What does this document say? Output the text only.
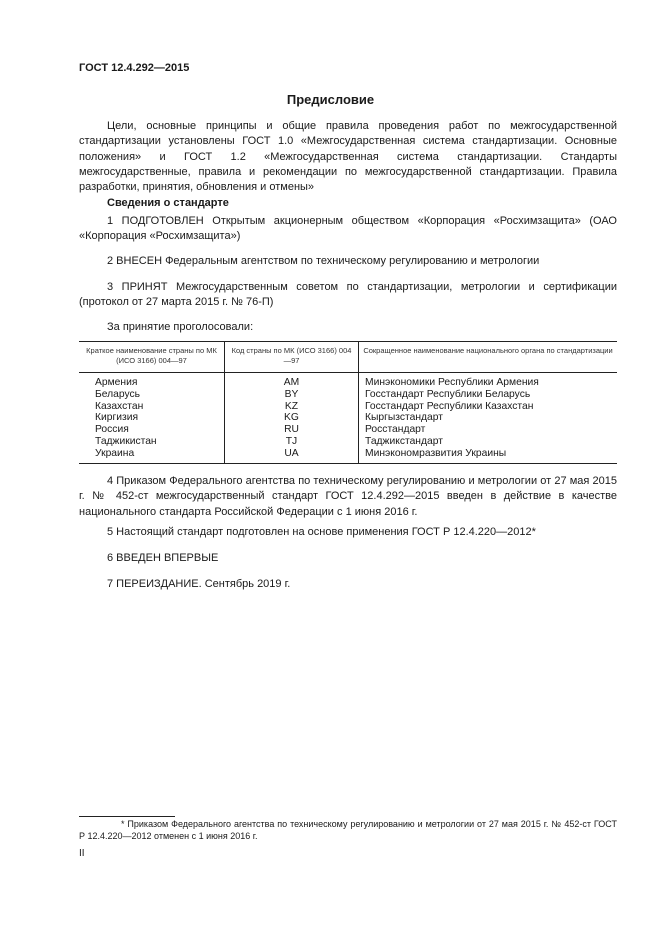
ГОСТ 12.4.292—2015
Предисловие

Цели, основные принципы и общие правила проведения работ по межгосударственной стандартизации установлены ГОСТ 1.0 «Межгосударственная система стандартизации. Основные положения» и ГОСТ 1.2 «Межгосударственная система стандартизации. Стандарты межгосударственные, правила и рекомендации по межгосударственной стандартизации. Правила разработки, принятия, обновления и отмены»

Сведения о стандарте

1 ПОДГОТОВЛЕН Открытым акционерным обществом «Корпорация «Росхимзащита» (ОАО «Корпорация «Росхимзащита»)

2 ВНЕСЕН Федеральным агентством по техническому регулированию и метрологии

3 ПРИНЯТ Межгосударственным советом по стандартизации, метрологии и сертификации (протокол от 27 марта 2015 г. № 76-П)

За принятие проголосовали:

Краткое наименование страны по МК (ИСО 3166) 004—97	Код страны по МК (ИСО 3166) 004—97	Сокращенное наименование национального органа по стандартизации
Армения	AM	Минэкономики Республики Армения
Беларусь	BY	Госстандарт Республики Беларусь
Казахстан	KZ	Госстандарт Республики Казахстан
Киргизия	KG	Кыргызстандарт
Россия	RU	Росстандарт
Таджикистан	TJ	Таджикстандарт
Украина	UA	Минэкономразвития Украины

4 Приказом Федерального агентства по техническому регулированию и метрологии от 27 мая 2015 г. № 452-ст межгосударственный стандарт ГОСТ 12.4.292—2015 введен в действие в качестве национального стандарта Российской Федерации с 1 июня 2016 г.

5 Настоящий стандарт подготовлен на основе применения ГОСТ Р 12.4.220—2012*

6 ВВЕДЕН ВПЕРВЫЕ

7 ПЕРЕИЗДАНИЕ. Сентябрь 2019 г.

* Приказом Федерального агентства по техническому регулированию и метрологии от 27 мая 2015 г. № 452-ст ГОСТ Р 12.4.220—2012 отменен с 1 июня 2016 г.

II
